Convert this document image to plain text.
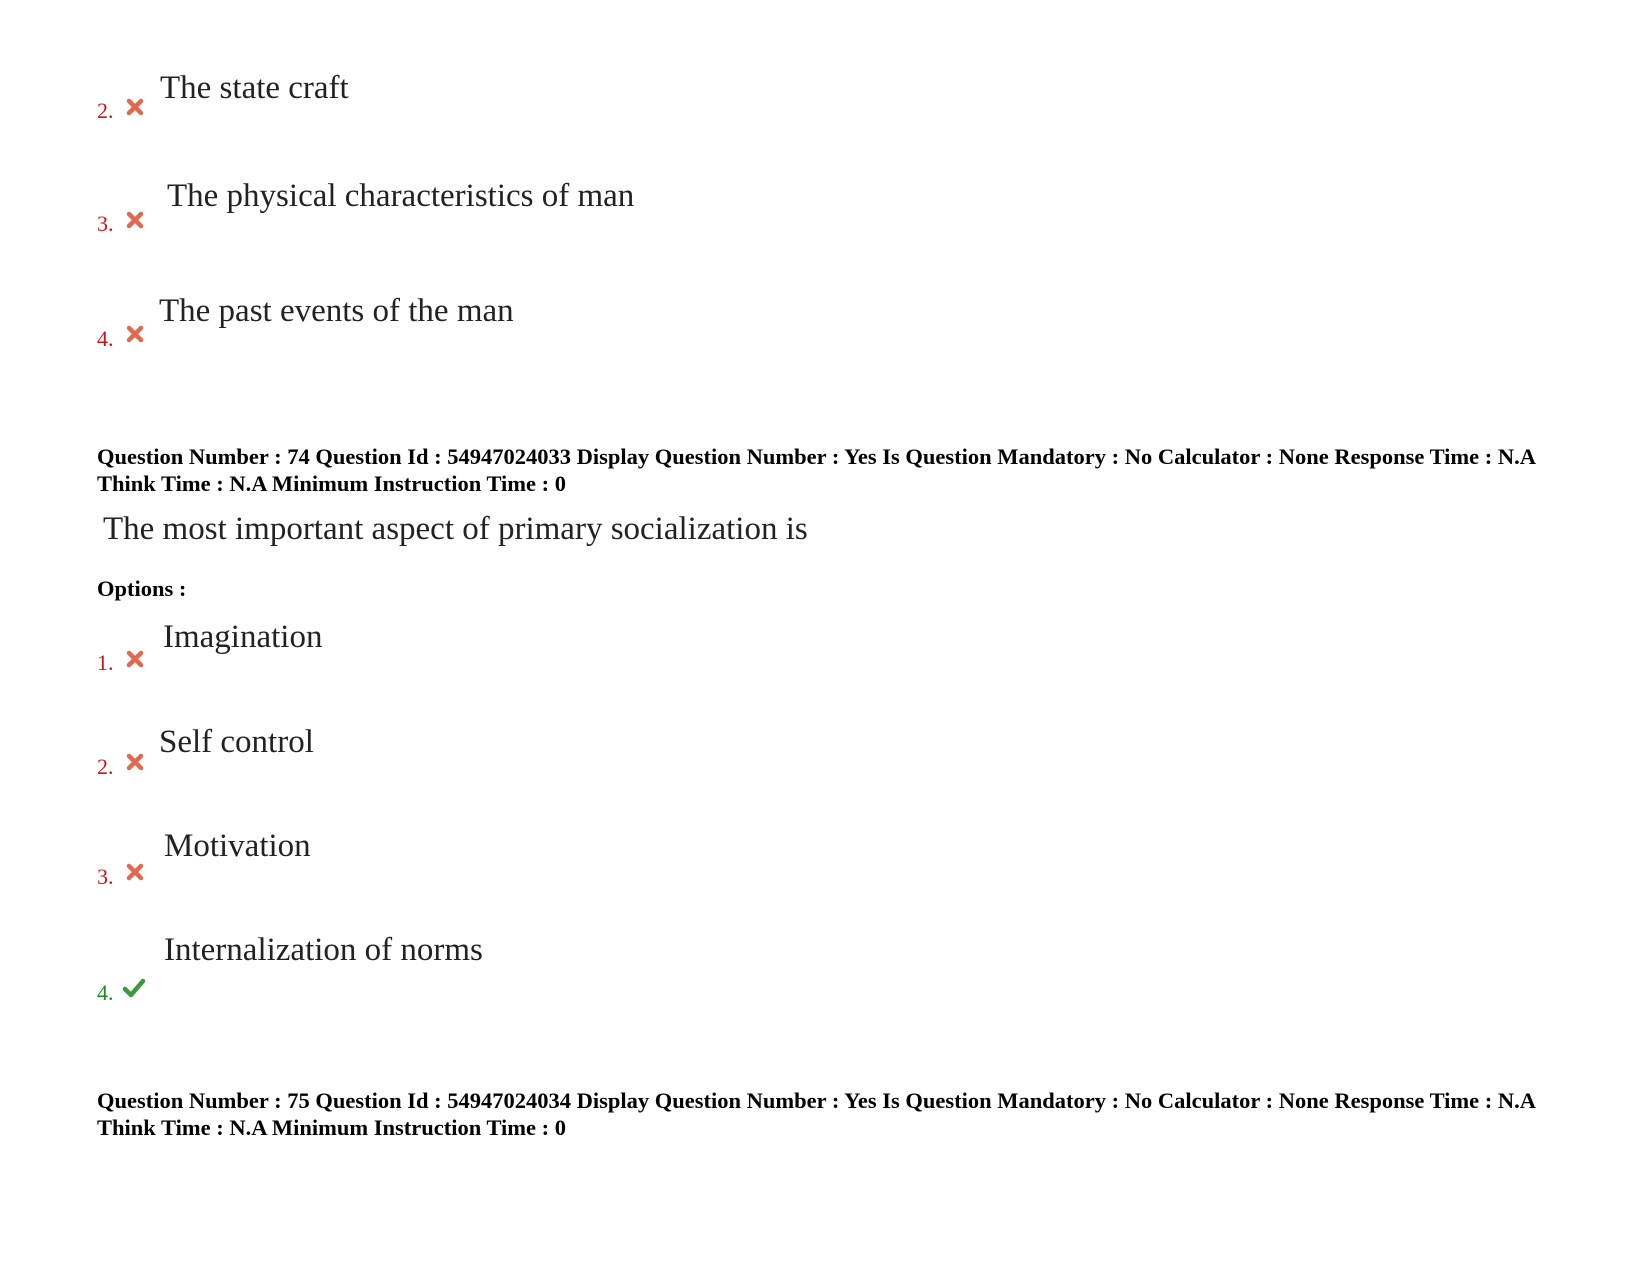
2.
The state craft
3.
The physical characteristics of man
4.
The past events of the man
Question Number : 74 Question Id : 54947024033 Display Question Number : Yes Is Question Mandatory : No Calculator : None Response Time : N.A Think Time : N.A Minimum Instruction Time : 0
The most important aspect of primary socialization is
Options :
1.
Imagination
2.
Self control
3.
Motivation
4.
Internalization of norms
Question Number : 75 Question Id : 54947024034 Display Question Number : Yes Is Question Mandatory : No Calculator : None Response Time : N.A Think Time : N.A Minimum Instruction Time : 0
